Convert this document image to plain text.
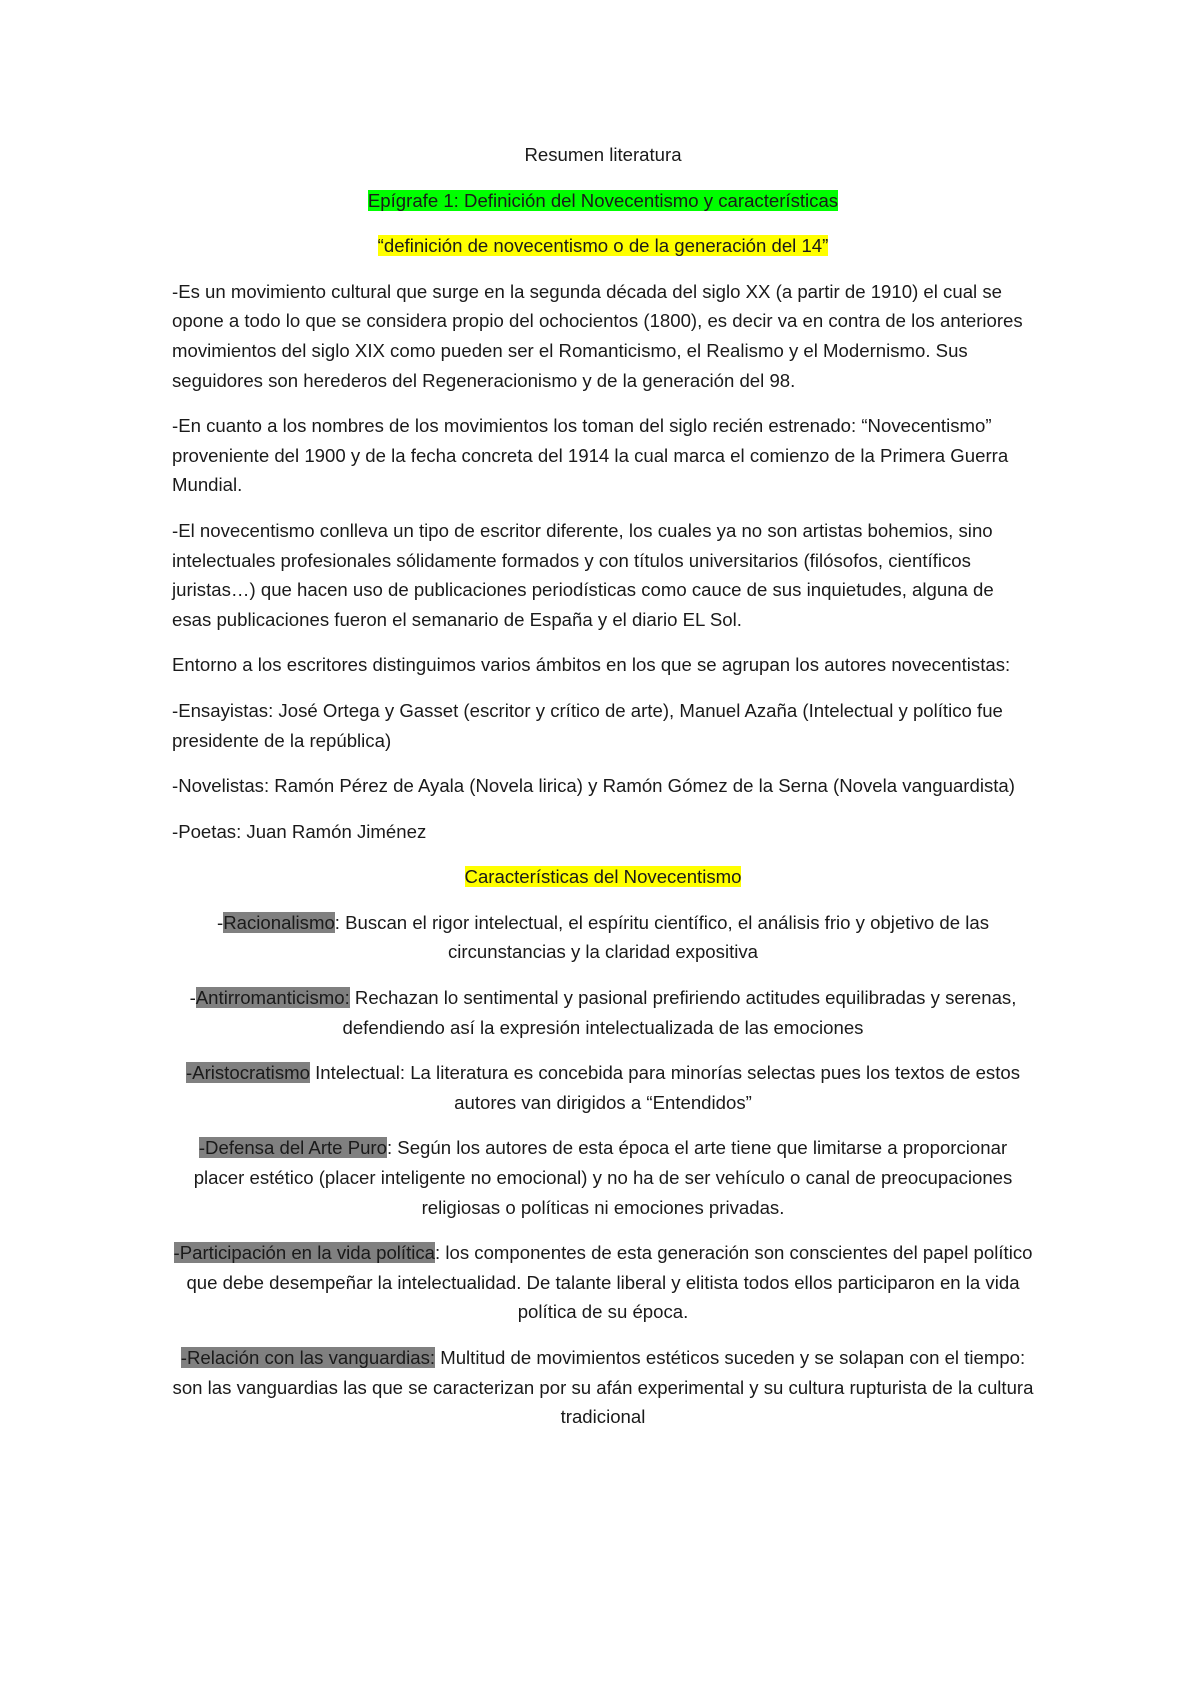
Resumen literatura

Epígrafe 1: Definición del Novecentismo y características

“definición de novecentismo o de la generación del 14”

-Es un movimiento cultural que surge en la segunda década del siglo XX (a partir de 1910) el cual se opone a todo lo que se considera propio del ochocientos (1800), es decir va en contra de los anteriores movimientos del siglo XIX como pueden ser el Romanticismo, el Realismo y el Modernismo. Sus seguidores son herederos del Regeneracionismo y de la generación del 98.

-En cuanto a los nombres de los movimientos los toman del siglo recién estrenado: “Novecentismo” proveniente del 1900 y de la fecha concreta del 1914 la cual marca el comienzo de la Primera Guerra Mundial.

-El novecentismo conlleva un tipo de escritor diferente, los cuales ya no son artistas bohemios, sino intelectuales profesionales sólidamente formados y con títulos universitarios (filósofos, científicos juristas…) que hacen uso de publicaciones periodísticas como cauce de sus inquietudes, alguna de esas publicaciones fueron el semanario de España y el diario EL Sol.

Entorno a los escritores distinguimos varios ámbitos en los que se agrupan los autores novecentistas:

-Ensayistas: José Ortega y Gasset (escritor y crítico de arte), Manuel Azaña (Intelectual y político fue presidente de la república)

-Novelistas: Ramón Pérez de Ayala (Novela lirica) y Ramón Gómez de la Serna (Novela vanguardista)

-Poetas: Juan Ramón Jiménez

Características del Novecentismo

-Racionalismo: Buscan el rigor intelectual, el espíritu científico, el análisis frio y objetivo de las circunstancias y la claridad expositiva

-Antirromanticismo: Rechazan lo sentimental y pasional prefiriendo actitudes equilibradas y serenas, defendiendo así la expresión intelectualizada de las emociones

-Aristocratismo Intelectual: La literatura es concebida para minorías selectas pues los textos de estos autores van dirigidos a “Entendidos”

-Defensa del Arte Puro: Según los autores de esta época el arte tiene que limitarse a proporcionar placer estético (placer inteligente no emocional) y no ha de ser vehículo o canal de preocupaciones religiosas o políticas ni emociones privadas.

-Participación en la vida política: los componentes de esta generación son conscientes del papel político que debe desempeñar la intelectualidad. De talante liberal y elitista todos ellos participaron en la vida política de su época.

-Relación con las vanguardias: Multitud de movimientos estéticos suceden y se solapan con el tiempo: son las vanguardias las que se caracterizan por su afán experimental y su cultura rupturista de la cultura tradicional
